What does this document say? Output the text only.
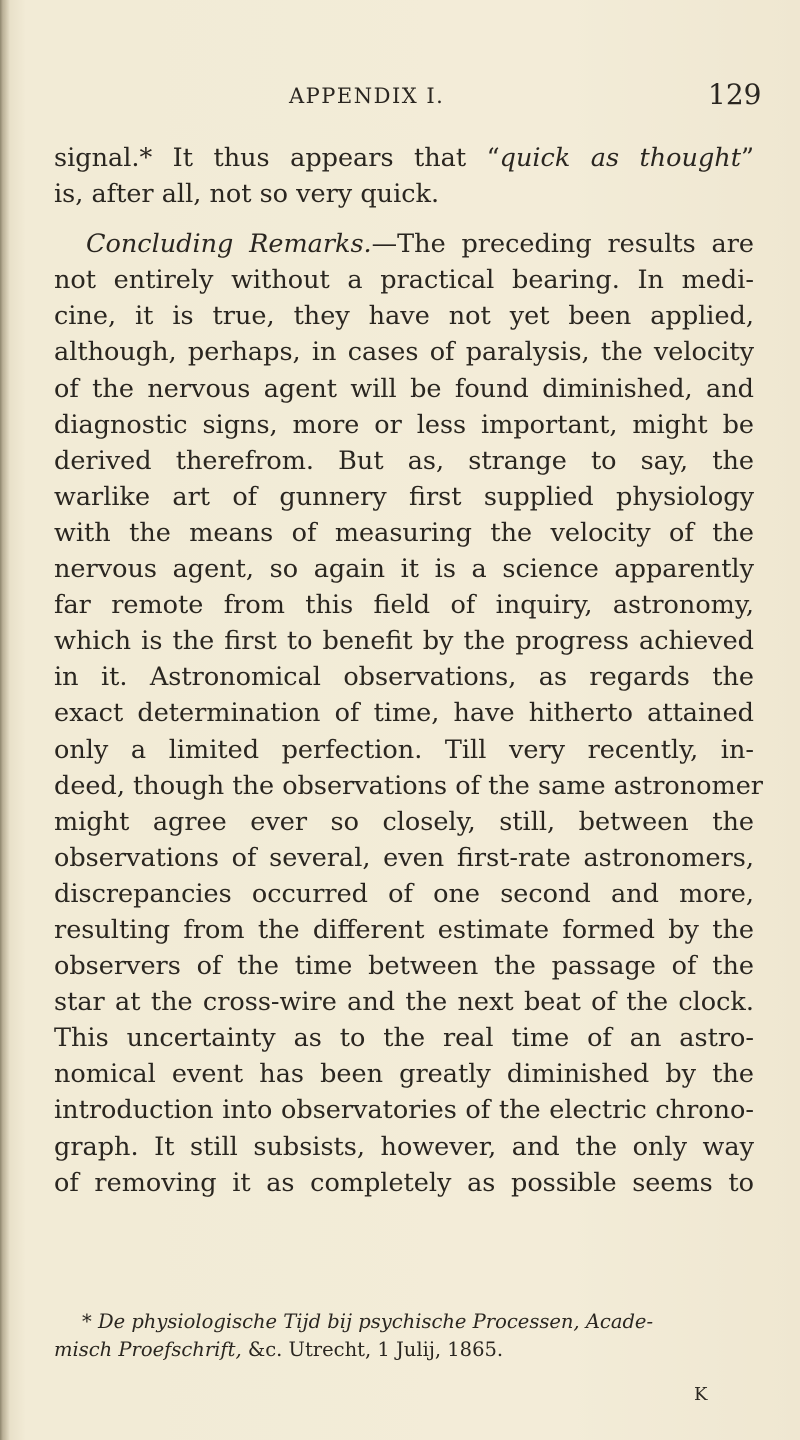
APPENDIX I.	129
signal.* It thus appears that “quick as thought”
is, after all, not so very quick.
Concluding Remarks.—The preceding results are
not entirely without a practical bearing. In medi-
cine, it is true, they have not yet been applied,
although, perhaps, in cases of paralysis, the velocity
of the nervous agent will be found diminished, and
diagnostic signs, more or less important, might be
derived therefrom. But as, strange to say, the
warlike art of gunnery first supplied physiology
with the means of measuring the velocity of the
nervous agent, so again it is a science apparently
far remote from this field of inquiry, astronomy,
which is the first to benefit by the progress achieved
in it. Astronomical observations, as regards the
exact determination of time, have hitherto attained
only a limited perfection. Till very recently, in-
deed, though the observations of the same astronomer
might agree ever so closely, still, between the
observations of several, even first-rate astronomers,
discrepancies occurred of one second and more,
resulting from the different estimate formed by the
observers of the time between the passage of the
star at the cross-wire and the next beat of the clock.
This uncertainty as to the real time of an astro-
nomical event has been greatly diminished by the
introduction into observatories of the electric chrono-
graph. It still subsists, however, and the only way
of removing it as completely as possible seems to
* De physiologische Tijd bij psychische Processen, Acade-
misch Proefschrift, &c. Utrecht, 1 Julij, 1865.
K
